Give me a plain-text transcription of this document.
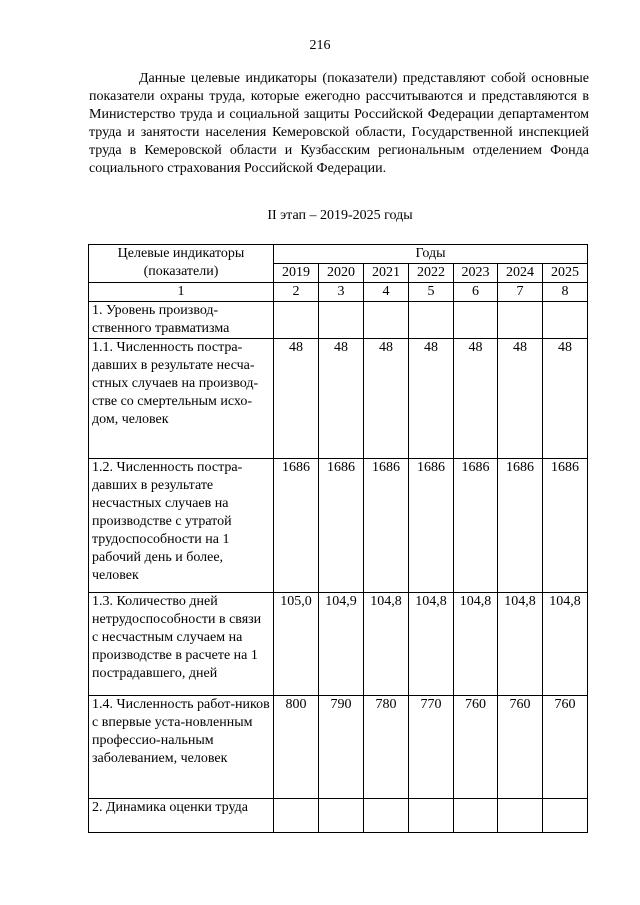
216

Данные целевые индикаторы (показатели) представляют собой основные показатели охраны труда, которые ежегодно рассчитываются и представляются в Министерство труда и социальной защиты Российской Федерации департаментом труда и занятости населения Кемеровской области, Государственной инспекцией труда в Кемеровской области и Кузбасским региональным отделением Фонда социального страхования Российской Федерации.

II этап – 2019-2025 годы
Целевые индикаторы (показатели)	Годы						
	2019	2020	2021	2022	2023	2024	2025
1	2	3	4	5	6	7	8
1. Уровень производ-ственного травматизма							
1.1. Численность постра-давших в результате несча-стных случаев на производ-стве со смертельным исхо-дом, человек	48	48	48	48	48	48	48
1.2. Численность постра-давших в результате несчастных случаев на производстве с утратой трудоспособности на 1 рабочий день и более, человек	1686	1686	1686	1686	1686	1686	1686
1.3. Количество дней нетрудоспособности в связи с несчастным случаем на производстве в расчете на 1 пострадавшего, дней	105,0	104,9	104,8	104,8	104,8	104,8	104,8
1.4. Численность работ-ников с впервые уста-новленным профессио-нальным заболеванием, человек	800	790	780	770	760	760	760
2. Динамика оценки труда							
